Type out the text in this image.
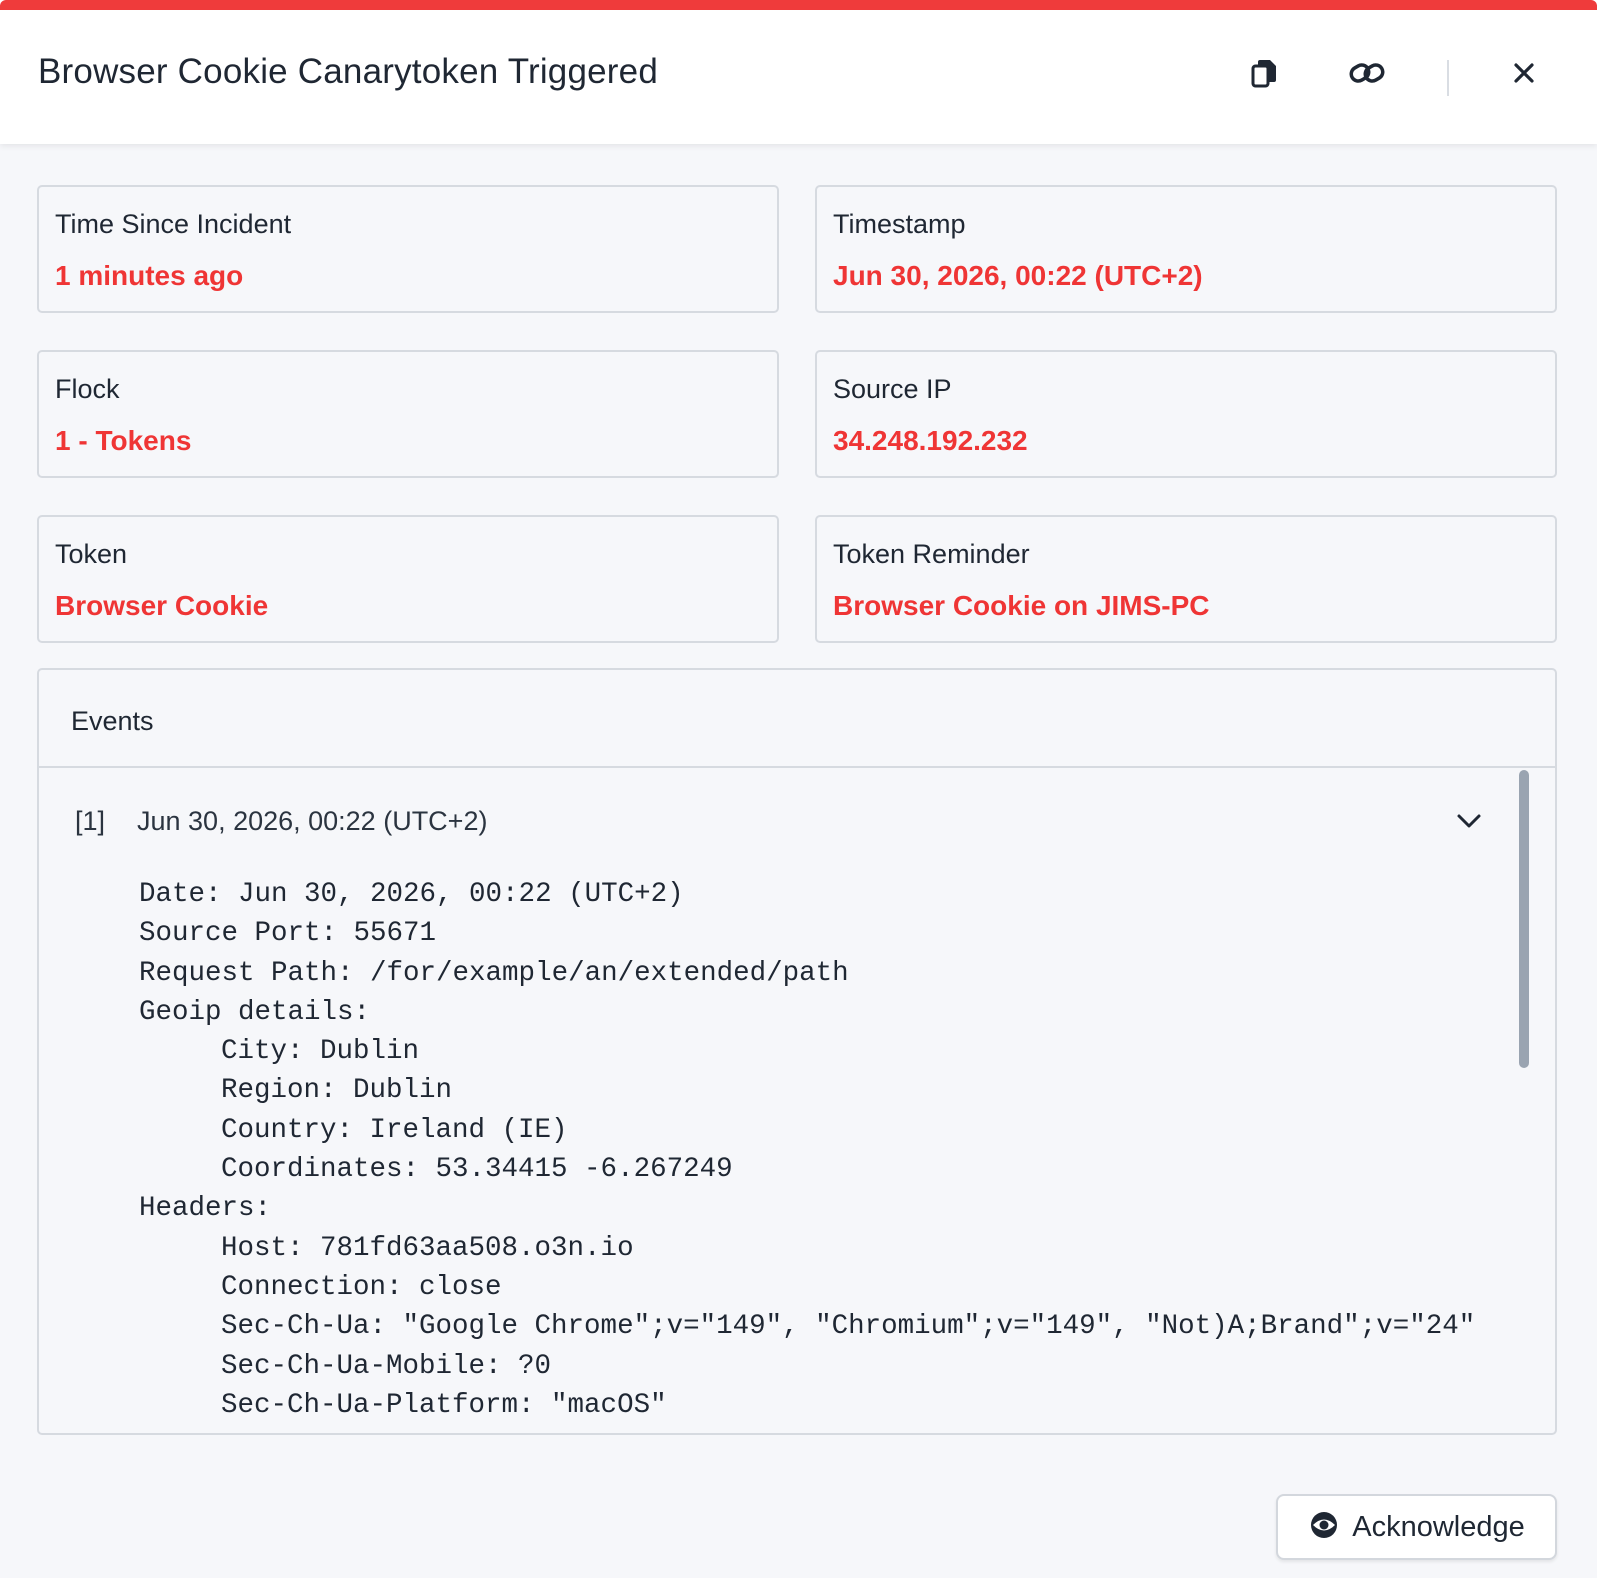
Browser Cookie Canarytoken Triggered
Time Since Incident
1 minutes ago
Timestamp
Jun 30, 2026, 00:22 (UTC+2)
Flock
1 - Tokens
Source IP
34.248.192.232
Token
Browser Cookie
Token Reminder
Browser Cookie on JIMS-PC
Events
[1] Jun 30, 2026, 00:22 (UTC+2)
Date: Jun 30, 2026, 00:22 (UTC+2)
Source Port: 55671
Request Path: /for/example/an/extended/path
Geoip details:
City: Dublin
Region: Dublin
Country: Ireland (IE)
Coordinates: 53.34415 -6.267249
Headers:
Host: 781fd63aa508.o3n.io
Connection: close
Sec-Ch-Ua: "Google Chrome";v="149", "Chromium";v="149", "Not)A;Brand";v="24"
Sec-Ch-Ua-Mobile: ?0
Sec-Ch-Ua-Platform: "macOS"
Acknowledge
